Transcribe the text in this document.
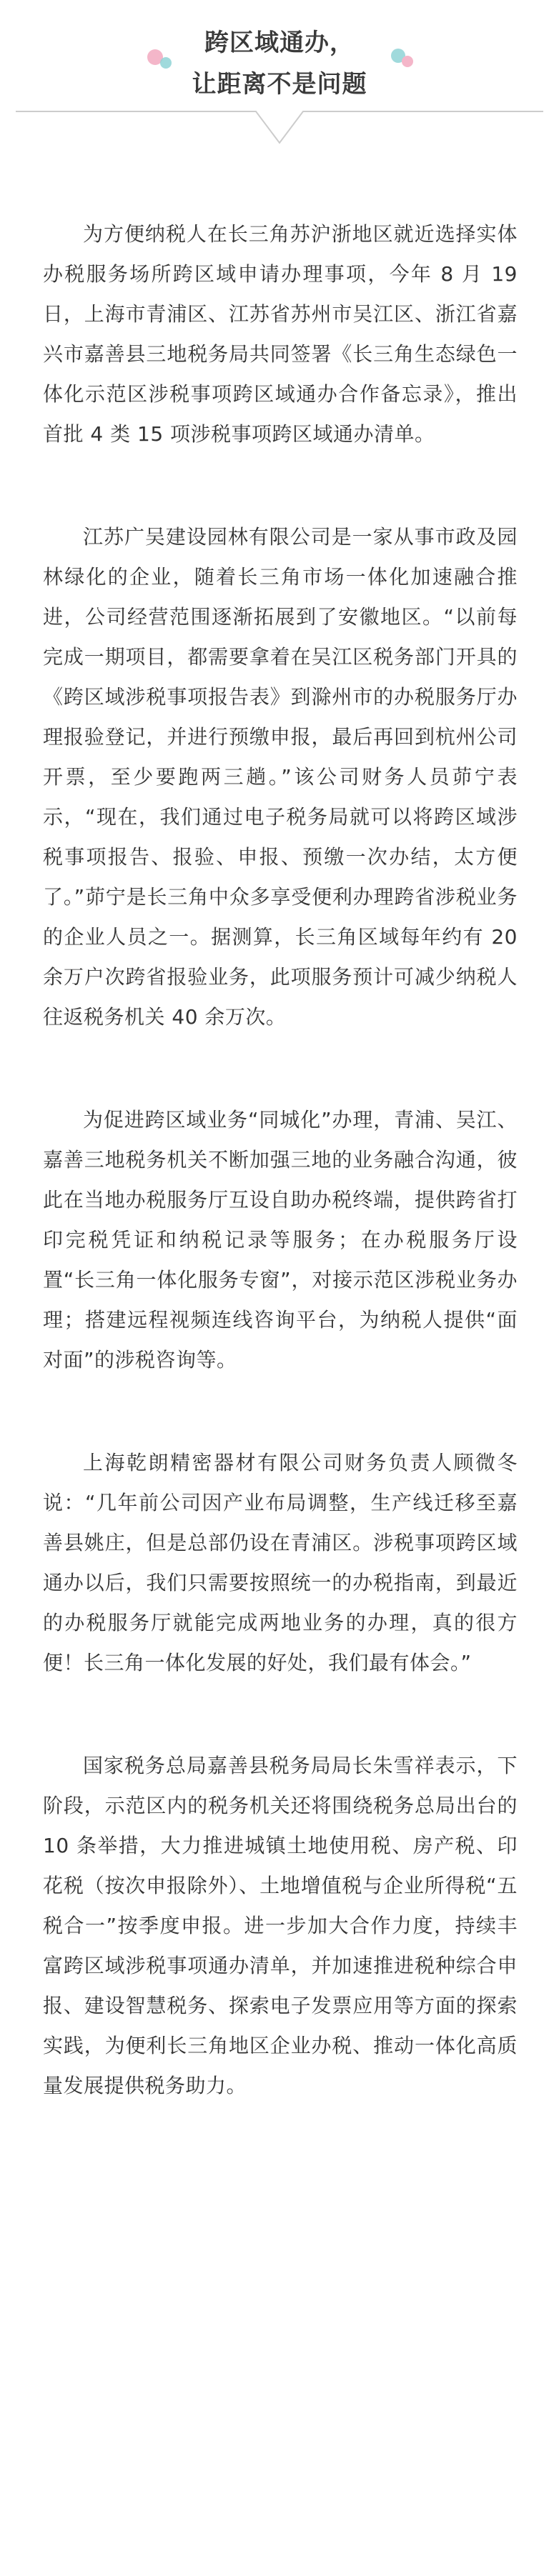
跨区域通办，
让距离不是问题

为方便纳税人在长三角苏沪浙地区就近选择实体办税服务场所跨区域申请办理事项，今年 8 月 19 日，上海市青浦区、江苏省苏州市吴江区、浙江省嘉兴市嘉善县三地税务局共同签署《长三角生态绿色一体化示范区涉税事项跨区域通办合作备忘录》，推出首批 4 类 15 项涉税事项跨区域通办清单。

江苏广吴建设园林有限公司是一家从事市政及园林绿化的企业，随着长三角市场一体化加速融合推进，公司经营范围逐渐拓展到了安徽地区。“以前每完成一期项目，都需要拿着在吴江区税务部门开具的《跨区域涉税事项报告表》到滁州市的办税服务厅办理报验登记，并进行预缴申报，最后再回到杭州公司开票，至少要跑两三趟。”该公司财务人员茆宁表示，“现在，我们通过电子税务局就可以将跨区域涉税事项报告、报验、申报、预缴一次办结，太方便了。”茆宁是长三角中众多享受便利办理跨省涉税业务的企业人员之一。据测算，长三角区域每年约有 20 余万户次跨省报验业务，此项服务预计可减少纳税人往返税务机关 40 余万次。

为促进跨区域业务“同城化”办理，青浦、吴江、嘉善三地税务机关不断加强三地的业务融合沟通，彼此在当地办税服务厅互设自助办税终端，提供跨省打印完税凭证和纳税记录等服务；在办税服务厅设置“长三角一体化服务专窗”，对接示范区涉税业务办理；搭建远程视频连线咨询平台，为纳税人提供“面对面”的涉税咨询等。

上海乾朗精密器材有限公司财务负责人顾微冬说：“几年前公司因产业布局调整，生产线迁移至嘉善县姚庄，但是总部仍设在青浦区。涉税事项跨区域通办以后，我们只需要按照统一的办税指南，到最近的办税服务厅就能完成两地业务的办理，真的很方便！长三角一体化发展的好处，我们最有体会。”

国家税务总局嘉善县税务局局长朱雪祥表示，下阶段，示范区内的税务机关还将围绕税务总局出台的 10 条举措，大力推进城镇土地使用税、房产税、印花税（按次申报除外）、土地增值税与企业所得税“五税合一”按季度申报。进一步加大合作力度，持续丰富跨区域涉税事项通办清单，并加速推进税种综合申报、建设智慧税务、探索电子发票应用等方面的探索实践，为便利长三角地区企业办税、推动一体化高质量发展提供税务助力。
